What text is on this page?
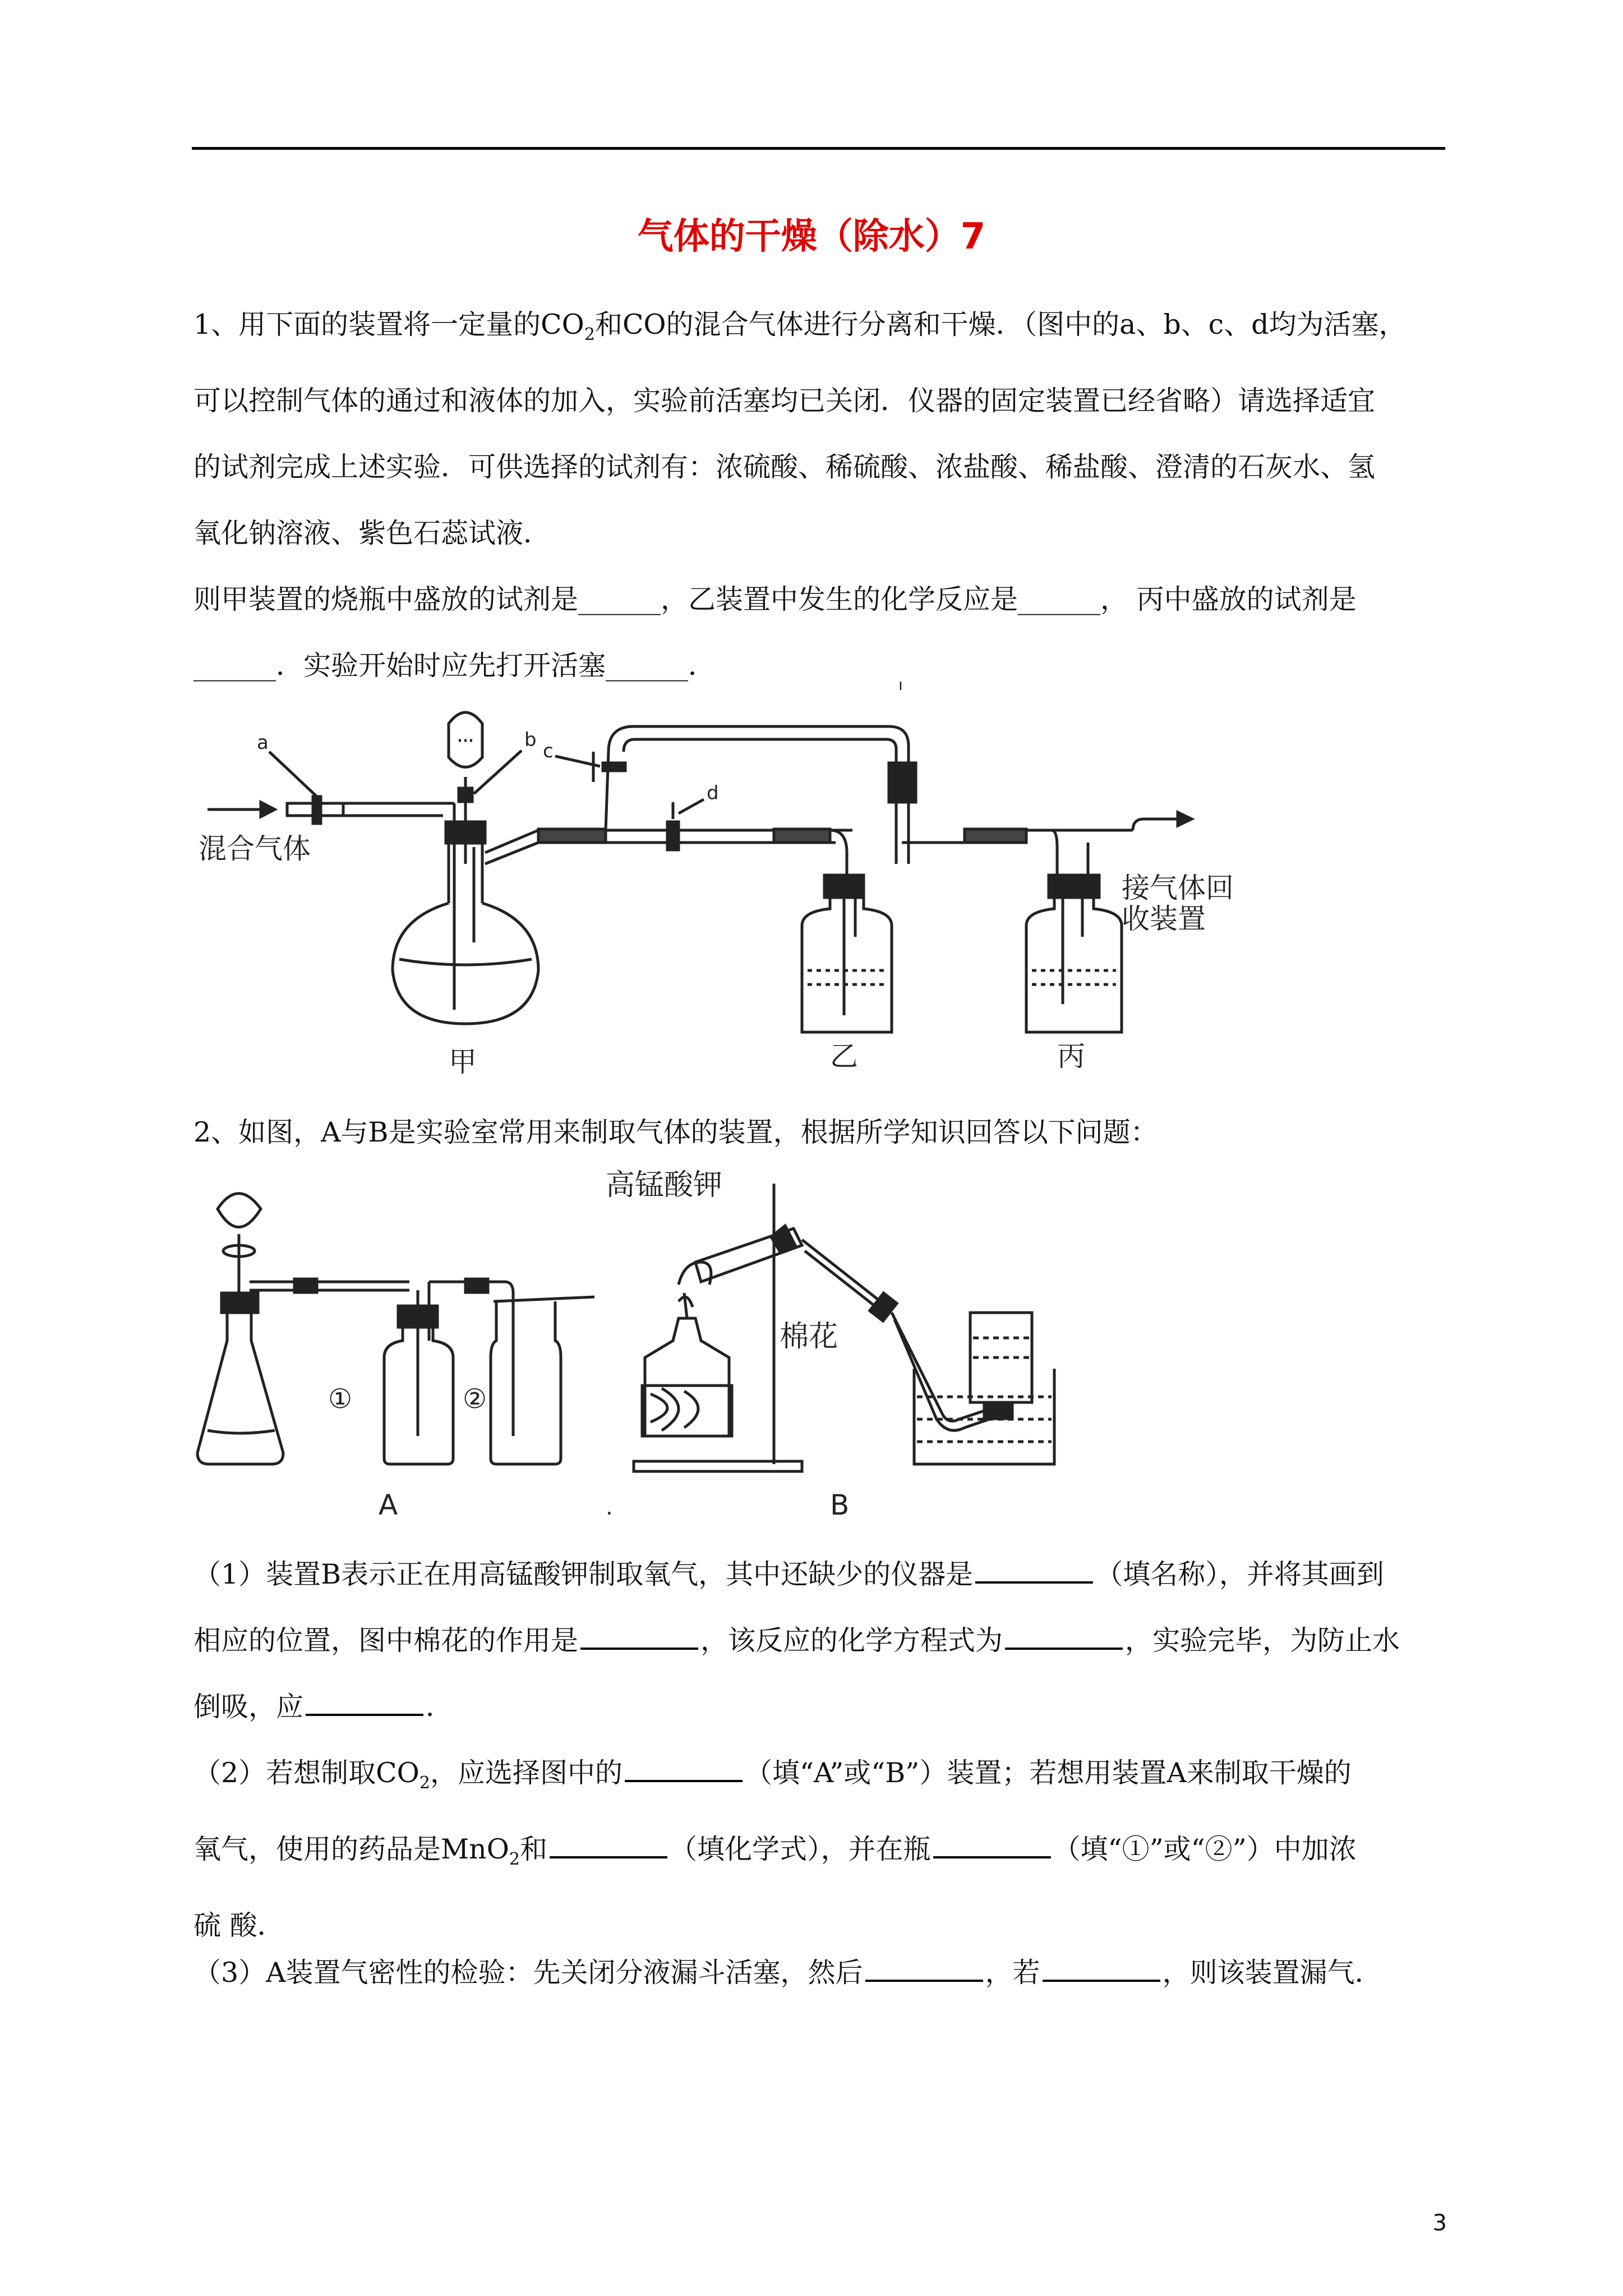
气体的干燥（除水）7
1、用下面的装置将一定量的$CO_2$和CO的混合气体进行分离和干燥．（图中的a、b、c、d均为活塞，
可以控制气体的通过和液体的加入，实验前活塞均已关闭．仪器的固定装置已经省略）请选择适宜
的试剂完成上述实验．可供选择的试剂有：浓硫酸、稀硫酸、浓盐酸、稀盐酸、澄清的石灰水、氢
氧化钠溶液、紫色石蕊试液．
则甲装置的烧瓶中盛放的试剂是______，乙装置中发生的化学反应是______， 丙中盛放的试剂是
______．实验开始时应先打开活塞______．
a	b c
d
混合气体
接气体回
收装置
甲	乙	丙
ı
2、如图，A与B是实验室常用来制取气体的装置，根据所学知识回答以下问题：
高锰酸钾
棉花
①	②
A	.	B
（1）装置B表示正在用高锰酸钾制取氧气，其中还缺少的仪器是	（填名称），并将其画到
相应的位置，图中棉花的作用是	，该反应的化学方程式为	，实验完毕，为防止水
倒吸，应	．
（2）若想制取$CO_2$，应选择图中的	（填“A”或“B”）装置；若想用装置A来制取干燥的
氧气，使用的药品是MnO$_2$和	（填化学式），并在瓶	（填“①”或“②”）中加浓
硫 酸．
（3）A装置气密性的检验：先关闭分液漏斗活塞，然后	，若	，则该装置漏气．
3
